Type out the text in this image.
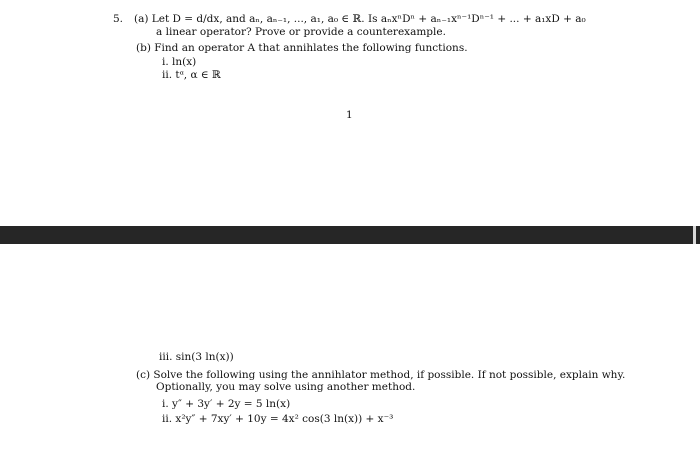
5. (a) Let D = d/dx, and aₙ, aₙ₋₁, ..., a₁, a₀ ∈ ℝ. Is aₙxⁿDⁿ + aₙ₋₁xⁿ⁻¹Dⁿ⁻¹ + ... + a₁xD + a₀
a linear operator? Prove or provide a counterexample.
(b) Find an operator A that annihlates the following functions.
i. ln(x)
ii. tᵅ, α ∈ ℝ
1
iii. sin(3 ln(x))
(c) Solve the following using the annihlator method, if possible. If not possible, explain why.
Optionally, you may solve using another method.
i. y″ + 3y′ + 2y = 5 ln(x)
ii. x²y″ + 7xy′ + 10y = 4x² cos(3 ln(x)) + x⁻³
